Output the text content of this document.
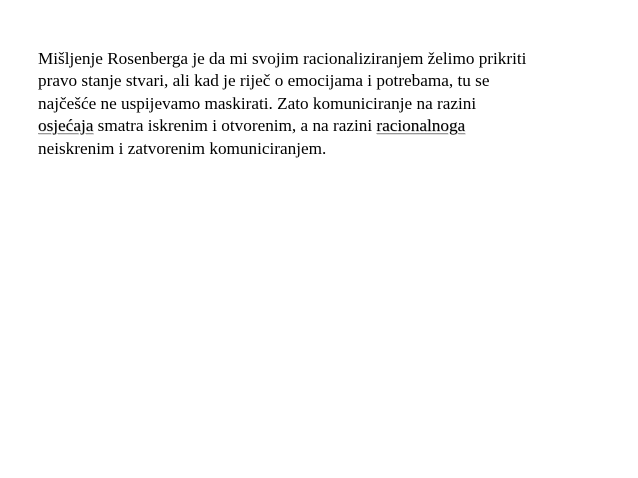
Mišljenje Rosenberga je da mi svojim racionaliziranjem želimo prikriti
pravo stanje stvari, ali kad je riječ o emocijama i potrebama, tu se
najčešće ne uspijevamo maskirati. Zato komuniciranje na razini
osjećaja smatra iskrenim i otvorenim, a na razini racionalnoga
neiskrenim i zatvorenim komuniciranjem.
